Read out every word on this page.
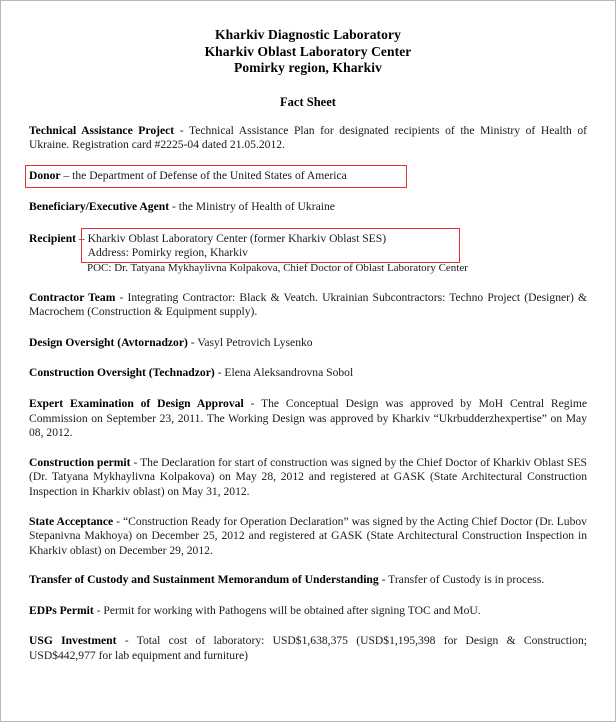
Kharkiv Diagnostic Laboratory
Kharkiv Oblast Laboratory Center
Pomirky region, Kharkiv
Fact Sheet

Technical Assistance Project - Technical Assistance Plan for designated recipients of the Ministry of Health of Ukraine. Registration card #2225-04 dated 21.05.2012.

Donor – the Department of Defense of the United States of America

Beneficiary/Executive Agent - the Ministry of Health of Ukraine

Recipient – Kharkiv Oblast Laboratory Center (former Kharkiv Oblast SES)
Address: Pomirky region, Kharkiv
POC: Dr. Tatyana Mykhaylivna Kolpakova, Chief Doctor of Oblast Laboratory Center

Contractor Team - Integrating Contractor: Black & Veatch. Ukrainian Subcontractors: Techno Project (Designer) & Macrochem (Construction & Equipment supply).

Design Oversight (Avtornadzor) - Vasyl Petrovich Lysenko

Construction Oversight (Technadzor) - Elena Aleksandrovna Sobol

Expert Examination of Design Approval - The Conceptual Design was approved by MoH Central Regime Commission on September 23, 2011. The Working Design was approved by Kharkiv “Ukrbudderzhexpertise” on May 08, 2012.

Construction permit - The Declaration for start of construction was signed by the Chief Doctor of Kharkiv Oblast SES (Dr. Tatyana Mykhaylivna Kolpakova) on May 28, 2012 and registered at GASK (State Architectural Construction Inspection in Kharkiv oblast) on May 31, 2012.

State Acceptance - “Construction Ready for Operation Declaration” was signed by the Acting Chief Doctor (Dr. Lubov Stepanivna Makhoya) on December 25, 2012 and registered at GASK (State Architectural Construction Inspection in Kharkiv oblast) on December 29, 2012.

Transfer of Custody and Sustainment Memorandum of Understanding - Transfer of Custody is in process.

EDPs Permit - Permit for working with Pathogens will be obtained after signing TOC and MoU.

USG Investment - Total cost of laboratory: USD$1,638,375 (USD$1,195,398 for Design & Construction; USD$442,977 for lab equipment and furniture)
